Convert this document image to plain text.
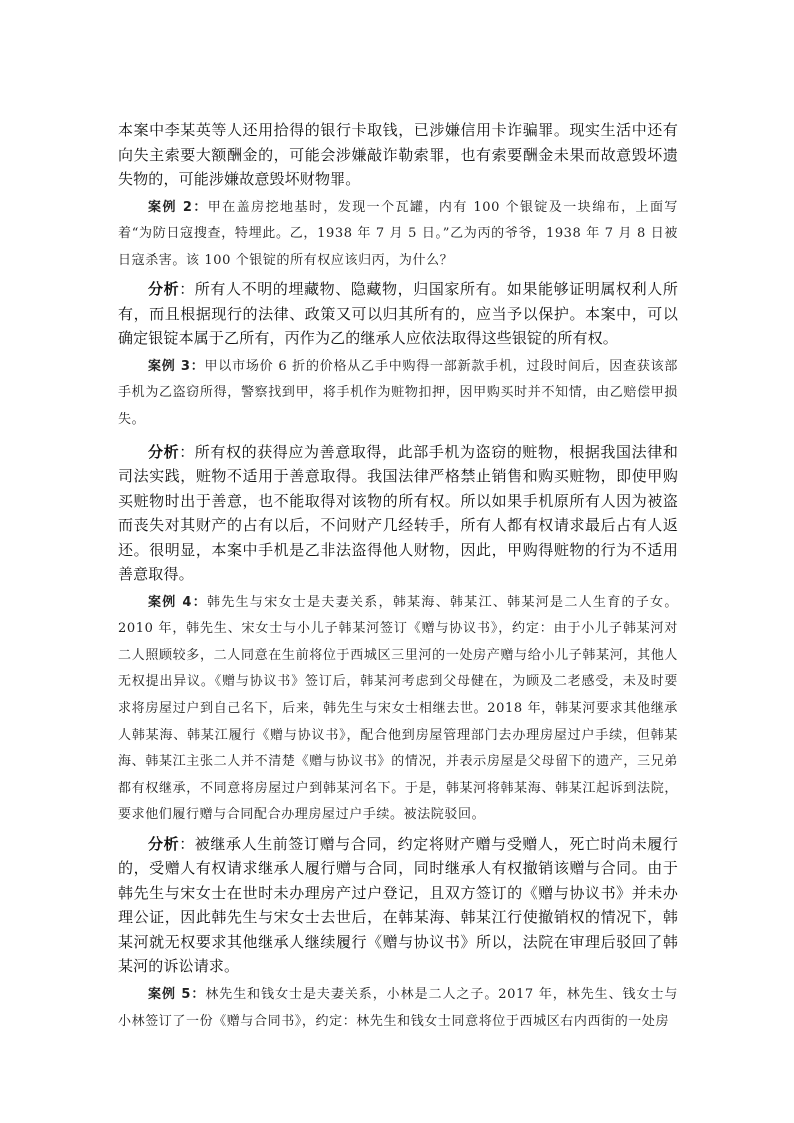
本案中李某英等人还用拾得的银行卡取钱，已涉嫌信用卡诈骗罪。现实生活中还有向失主索要大额酬金的，可能会涉嫌敲诈勒索罪，也有索要酬金未果而故意毁坏遗失物的，可能涉嫌故意毁坏财物罪。

案例 2：甲在盖房挖地基时，发现一个瓦罐，内有 100 个银锭及一块绵布，上面写着“为防日寇搜查，特埋此。乙，1938 年 7 月 5 日。”乙为丙的爷爷，1938 年 7 月 8 日被日寇杀害。该 100 个银锭的所有权应该归丙，为什么？

分析：所有人不明的埋藏物、隐藏物，归国家所有。如果能够证明属权利人所有，而且根据现行的法律、政策又可以归其所有的，应当予以保护。本案中，可以确定银锭本属于乙所有，丙作为乙的继承人应依法取得这些银锭的所有权。

案例 3：甲以市场价 6 折的价格从乙手中购得一部新款手机，过段时间后，因查获该部手机为乙盗窃所得，警察找到甲，将手机作为赃物扣押，因甲购买时并不知情，由乙赔偿甲损失。

分析：所有权的获得应为善意取得，此部手机为盗窃的赃物，根据我国法律和司法实践，赃物不适用于善意取得。我国法律严格禁止销售和购买赃物，即使甲购买赃物时出于善意，也不能取得对该物的所有权。所以如果手机原所有人因为被盗而丧失对其财产的占有以后，不问财产几经转手，所有人都有权请求最后占有人返还。很明显，本案中手机是乙非法盗得他人财物，因此，甲购得赃物的行为不适用善意取得。

案例 4：韩先生与宋女士是夫妻关系，韩某海、韩某江、韩某河是二人生育的子女。2010 年，韩先生、宋女士与小儿子韩某河签订《赠与协议书》，约定：由于小儿子韩某河对二人照顾较多，二人同意在生前将位于西城区三里河的一处房产赠与给小儿子韩某河，其他人无权提出异议。《赠与协议书》签订后，韩某河考虑到父母健在，为顾及二老感受，未及时要求将房屋过户到自己名下，后来，韩先生与宋女士相继去世。2018 年，韩某河要求其他继承人韩某海、韩某江履行《赠与协议书》，配合他到房屋管理部门去办理房屋过户手续，但韩某海、韩某江主张二人并不清楚《赠与协议书》的情况，并表示房屋是父母留下的遗产，三兄弟都有权继承，不同意将房屋过户到韩某河名下。于是，韩某河将韩某海、韩某江起诉到法院，要求他们履行赠与合同配合办理房屋过户手续。被法院驳回。

分析：被继承人生前签订赠与合同，约定将财产赠与受赠人，死亡时尚未履行的，受赠人有权请求继承人履行赠与合同，同时继承人有权撤销该赠与合同。由于韩先生与宋女士在世时未办理房产过户登记，且双方签订的《赠与协议书》并未办理公证，因此韩先生与宋女士去世后，在韩某海、韩某江行使撤销权的情况下，韩某河就无权要求其他继承人继续履行《赠与协议书》所以，法院在审理后驳回了韩某河的诉讼请求。

案例 5：林先生和钱女士是夫妻关系，小林是二人之子。2017 年，林先生、钱女士与小林签订了一份《赠与合同书》，约定：林先生和钱女士同意将位于西城区右内西街的一处房
